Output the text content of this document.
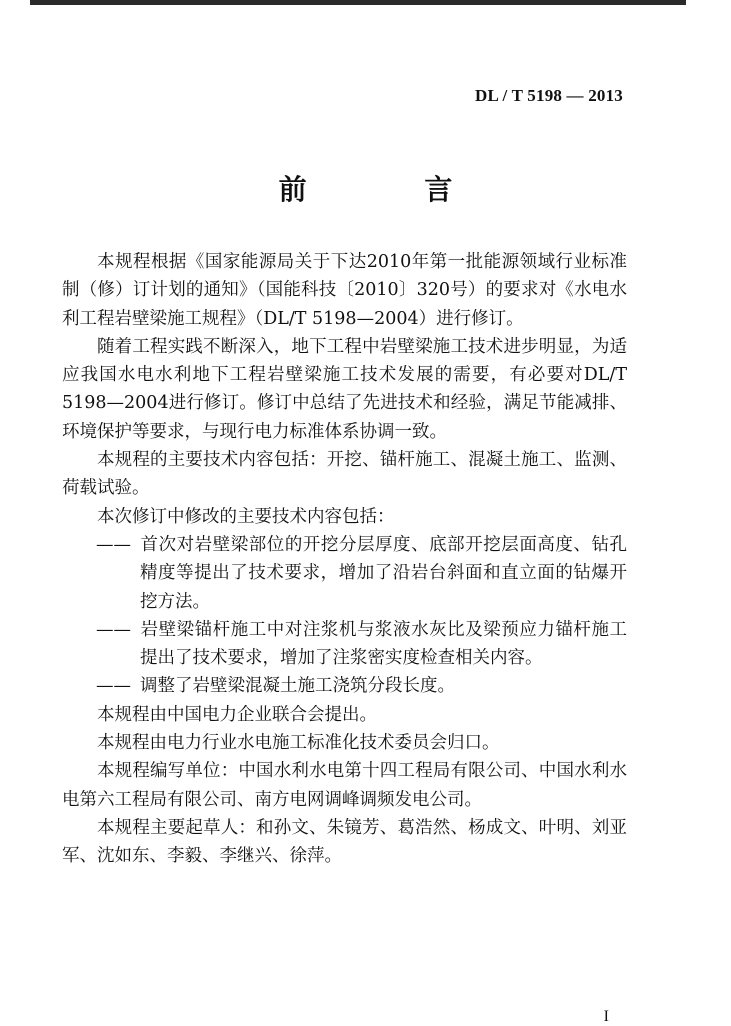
DL / T 5198 — 2013
前 言

本规程根据《国家能源局关于下达2010年第一批能源领域行业标准制（修）订计划的通知》（国能科技〔2010〕320号）的要求对《水电水利工程岩壁梁施工规程》（DL/T 5198—2004）进行修订。

随着工程实践不断深入，地下工程中岩壁梁施工技术进步明显，为适应我国水电水利地下工程岩壁梁施工技术发展的需要，有必要对DL/T 5198—2004进行修订。修订中总结了先进技术和经验，满足节能减排、环境保护等要求，与现行电力标准体系协调一致。

本规程的主要技术内容包括：开挖、锚杆施工、混凝土施工、监测、荷载试验。

本次修订中修改的主要技术内容包括：

—— 首次对岩壁梁部位的开挖分层厚度、底部开挖层面高度、钻孔精度等提出了技术要求，增加了沿岩台斜面和直立面的钻爆开挖方法。

—— 岩壁梁锚杆施工中对注浆机与浆液水灰比及梁预应力锚杆施工提出了技术要求，增加了注浆密实度检查相关内容。

—— 调整了岩壁梁混凝土施工浇筑分段长度。

本规程由中国电力企业联合会提出。

本规程由电力行业水电施工标准化技术委员会归口。

本规程编写单位：中国水利水电第十四工程局有限公司、中国水利水电第六工程局有限公司、南方电网调峰调频发电公司。

本规程主要起草人：和孙文、朱镜芳、葛浩然、杨成文、叶明、刘亚军、沈如东、李毅、李继兴、徐萍。

I
